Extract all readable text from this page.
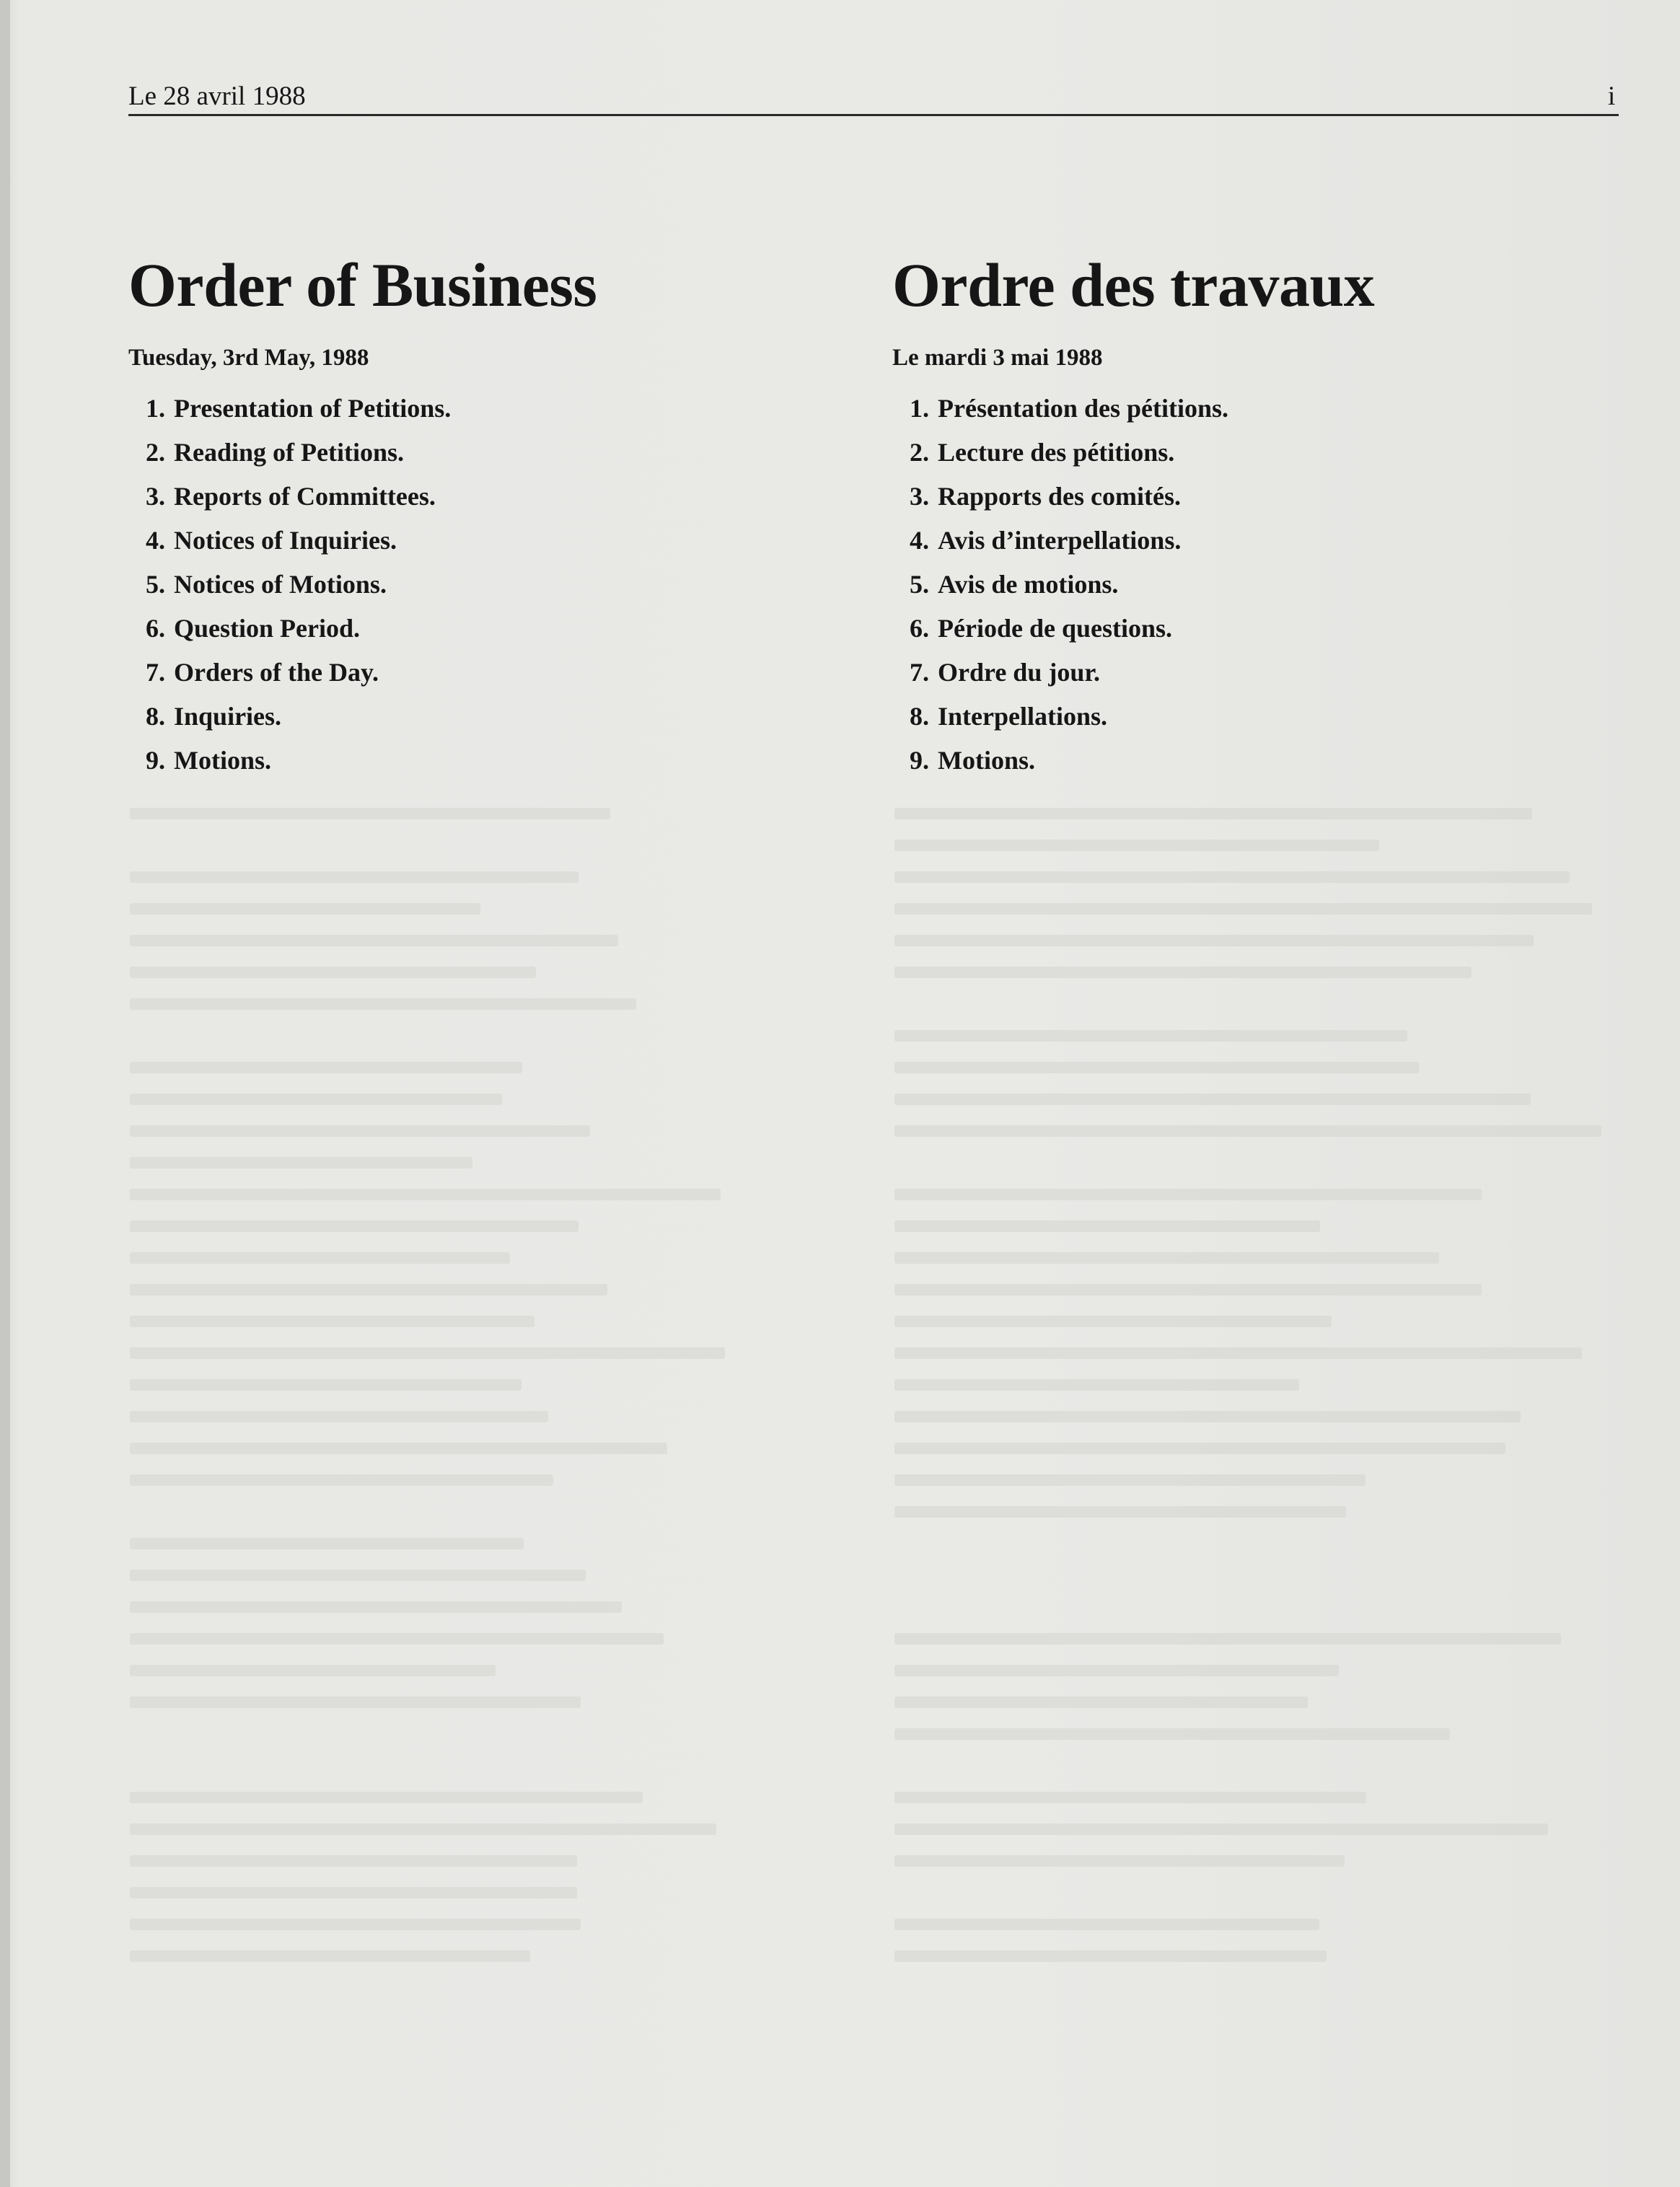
Le 28 avril 1988	i
Order of Business
Tuesday, 3rd May, 1988
1. Presentation of Petitions.
2. Reading of Petitions.
3. Reports of Committees.
4. Notices of Inquiries.
5. Notices of Motions.
6. Question Period.
7. Orders of the Day.
8. Inquiries.
9. Motions.
Ordre des travaux
Le mardi 3 mai 1988
1. Présentation des pétitions.
2. Lecture des pétitions.
3. Rapports des comités.
4. Avis d’interpellations.
5. Avis de motions.
6. Période de questions.
7. Ordre du jour.
8. Interpellations.
9. Motions.
